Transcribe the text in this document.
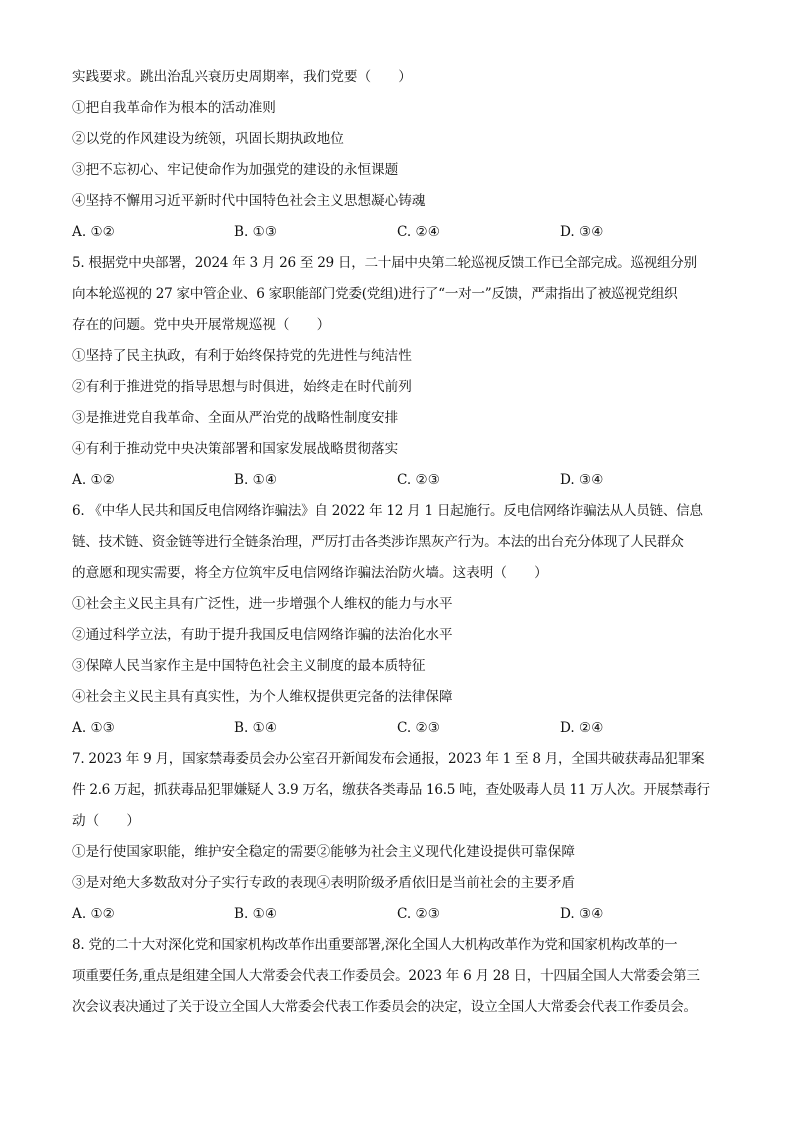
实践要求。跳出治乱兴衰历史周期率，我们党要（　　）
①把自我革命作为根本的活动准则
②以党的作风建设为统领，巩固长期执政地位
③把不忘初心、牢记使命作为加强党的建设的永恒课题
④坚持不懈用习近平新时代中国特色社会主义思想凝心铸魂
A. ①②	B. ①③	C. ②④	D. ③④
5. 根据党中央部署，2024 年 3 月 26 至 29 日，二十届中央第二轮巡视反馈工作已全部完成。巡视组分别
向本轮巡视的 27 家中管企业、6 家职能部门党委(党组)进行了“一对一”反馈，严肃指出了被巡视党组织
存在的问题。党中央开展常规巡视（　　）
①坚持了民主执政，有利于始终保持党的先进性与纯洁性
②有利于推进党的指导思想与时俱进，始终走在时代前列
③是推进党自我革命、全面从严治党的战略性制度安排
④有利于推动党中央决策部署和国家发展战略贯彻落实
A. ①②	B. ①④	C. ②③	D. ③④
6. 《中华人民共和国反电信网络诈骗法》自 2022 年 12 月 1 日起施行。反电信网络诈骗法从人员链、信息
链、技术链、资金链等进行全链条治理，严厉打击各类涉诈黑灰产行为。本法的出台充分体现了人民群众
的意愿和现实需要，将全方位筑牢反电信网络诈骗法治防火墙。这表明（　　）
①社会主义民主具有广泛性，进一步增强个人维权的能力与水平
②通过科学立法，有助于提升我国反电信网络诈骗的法治化水平
③保障人民当家作主是中国特色社会主义制度的最本质特征
④社会主义民主具有真实性，为个人维权提供更完备的法律保障
A. ①③	B. ①④	C. ②③	D. ②④
7. 2023 年 9 月，国家禁毒委员会办公室召开新闻发布会通报，2023 年 1 至 8 月，全国共破获毒品犯罪案
件 2.6 万起，抓获毒品犯罪嫌疑人 3.9 万名，缴获各类毒品 16.5 吨，查处吸毒人员 11 万人次。开展禁毒行
动（　　）
①是行使国家职能，维护安全稳定的需要②能够为社会主义现代化建设提供可靠保障
③是对绝大多数敌对分子实行专政的表现④表明阶级矛盾依旧是当前社会的主要矛盾
A. ①②	B. ①④	C. ②③	D. ③④
8. 党的二十大对深化党和国家机构改革作出重要部署,深化全国人大机构改革作为党和国家机构改革的一
项重要任务,重点是组建全国人大常委会代表工作委员会。2023 年 6 月 28 日，十四届全国人大常委会第三
次会议表决通过了关于设立全国人大常委会代表工作委员会的决定，设立全国人大常委会代表工作委员会。
